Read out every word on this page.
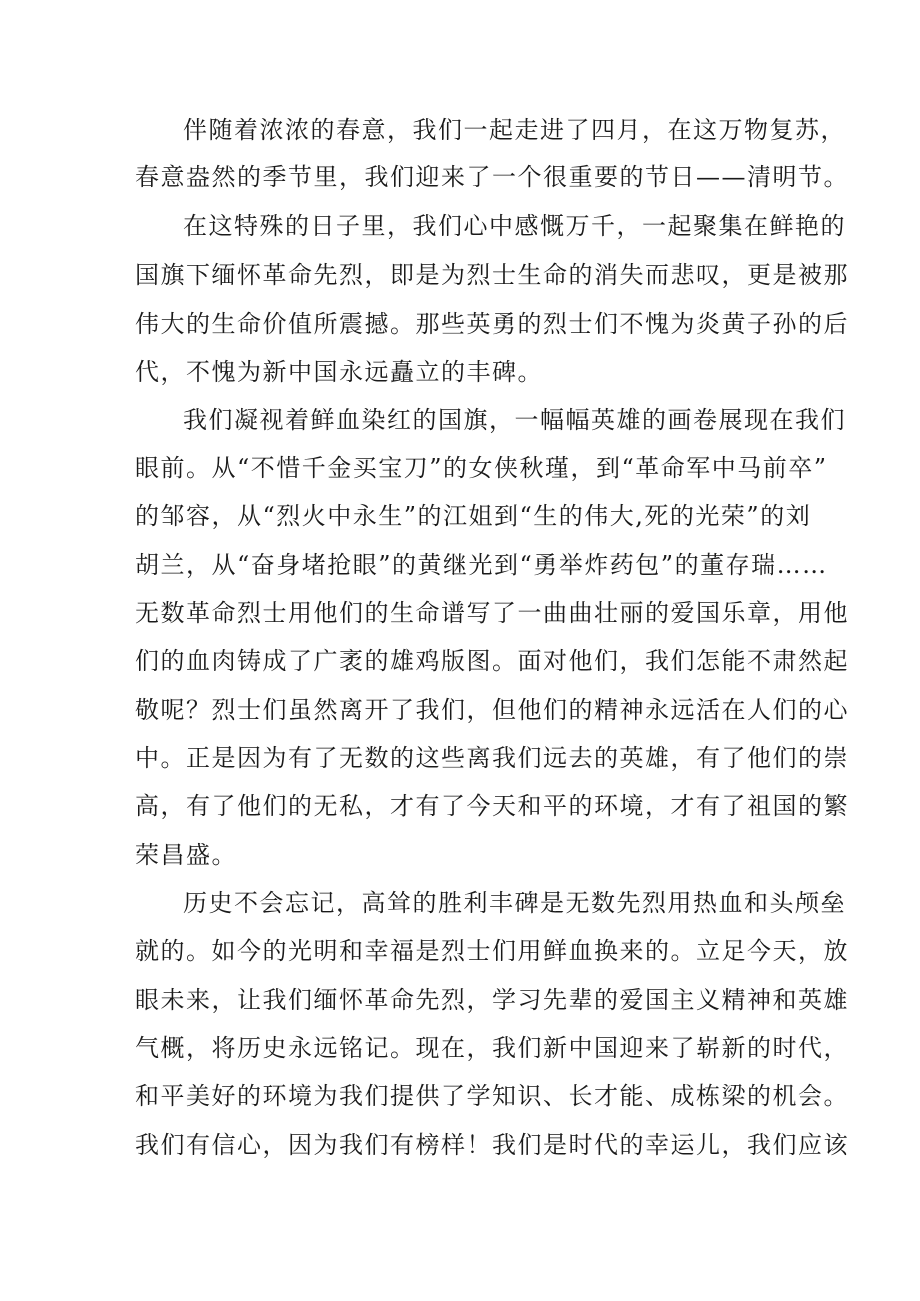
伴随着浓浓的春意，我们一起走进了四月，在这万物复苏，
春意盎然的季节里，我们迎来了一个很重要的节日——清明节。
在这特殊的日子里，我们心中感慨万千，一起聚集在鲜艳的
国旗下缅怀革命先烈，即是为烈士生命的消失而悲叹，更是被那
伟大的生命价值所震撼。那些英勇的烈士们不愧为炎黄子孙的后
代，不愧为新中国永远矗立的丰碑。
我们凝视着鲜血染红的国旗，一幅幅英雄的画卷展现在我们
眼前。从“不惜千金买宝刀”的女侠秋瑾，到“革命军中马前卒”
的邹容，从“烈火中永生”的江姐到“生的伟大,死的光荣”的刘
胡兰，从“奋身堵抢眼”的黄继光到“勇举炸药包”的董存瑞……
无数革命烈士用他们的生命谱写了一曲曲壮丽的爱国乐章，用他
们的血肉铸成了广袤的雄鸡版图。面对他们，我们怎能不肃然起
敬呢？烈士们虽然离开了我们，但他们的精神永远活在人们的心
中。正是因为有了无数的这些离我们远去的英雄，有了他们的崇
高，有了他们的无私，才有了今天和平的环境，才有了祖国的繁
荣昌盛。
历史不会忘记，高耸的胜利丰碑是无数先烈用热血和头颅垒
就的。如今的光明和幸福是烈士们用鲜血换来的。立足今天，放
眼未来，让我们缅怀革命先烈，学习先辈的爱国主义精神和英雄
气概，将历史永远铭记。现在，我们新中国迎来了崭新的时代，
和平美好的环境为我们提供了学知识、长才能、成栋梁的机会。
我们有信心，因为我们有榜样！我们是时代的幸运儿，我们应该
